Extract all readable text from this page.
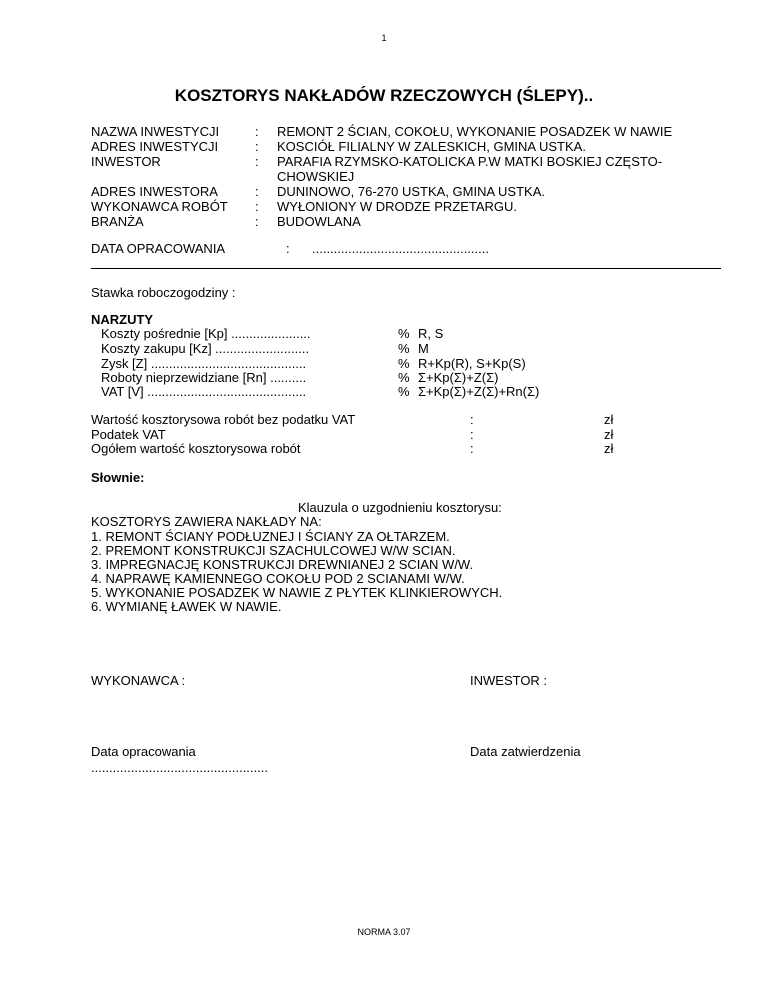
1
KOSZTORYS NAKŁADÓW RZECZOWYCH (ŚLEPY)..
NAZWA INWESTYCJI	: REMONT 2 ŚCIAN, COKOŁU, WYKONANIE POSADZEK W NAWIE
ADRES INWESTYCJI	: KOSCIÓŁ FILIALNY W ZALESKICH, GMINA USTKA.
INWESTOR	: PARAFIA RZYMSKO-KATOLICKA P.W MATKI BOSKIEJ CZĘSTO-
CHOWSKIEJ
ADRES INWESTORA	: DUNINOWO, 76-270 USTKA, GMINA USTKA.
WYKONAWCA ROBÓT : WYŁONIONY W DRODZE PRZETARGU.
BRANŻA	: BUDOWLANA
DATA OPRACOWANIA	: .................................................
Stawka roboczogodziny :
NARZUTY
Koszty pośrednie [Kp] ......................	% R, S
Koszty zakupu [Kz] ..........................	% M
Zysk [Z] ...........................................	% R+Kp(R), S+Kp(S)
Roboty nieprzewidziane [Rn] ..........	% Σ+Kp(Σ)+Z(Σ)
VAT [V] ............................................	% Σ+Kp(Σ)+Z(Σ)+Rn(Σ)
Wartość kosztorysowa robót bez podatku VAT	:	zł
Podatek VAT	:	zł
Ogółem wartość kosztorysowa robót	:	zł
Słownie:
Klauzula o uzgodnieniu kosztorysu:
KOSZTORYS ZAWIERA NAKŁADY NA:
1. REMONT ŚCIANY PODŁUZNEJ I ŚCIANY ZA OŁTARZEM.
2. PREMONT KONSTRUKCJI SZACHULCOWEJ W/W SCIAN.
3. IMPREGNACJĘ KONSTRUKCJI DREWNIANEJ 2 SCIAN W/W.
4. NAPRAWĘ KAMIENNEGO COKOŁU POD 2 SCIANAMI W/W.
5. WYKONANIE POSADZEK W NAWIE Z PŁYTEK KLINKIEROWYCH.
6. WYMIANĘ ŁAWEK W NAWIE.
WYKONAWCA :	INWESTOR :
Data opracowania	Data zatwierdzenia
.................................................
NORMA 3.07
